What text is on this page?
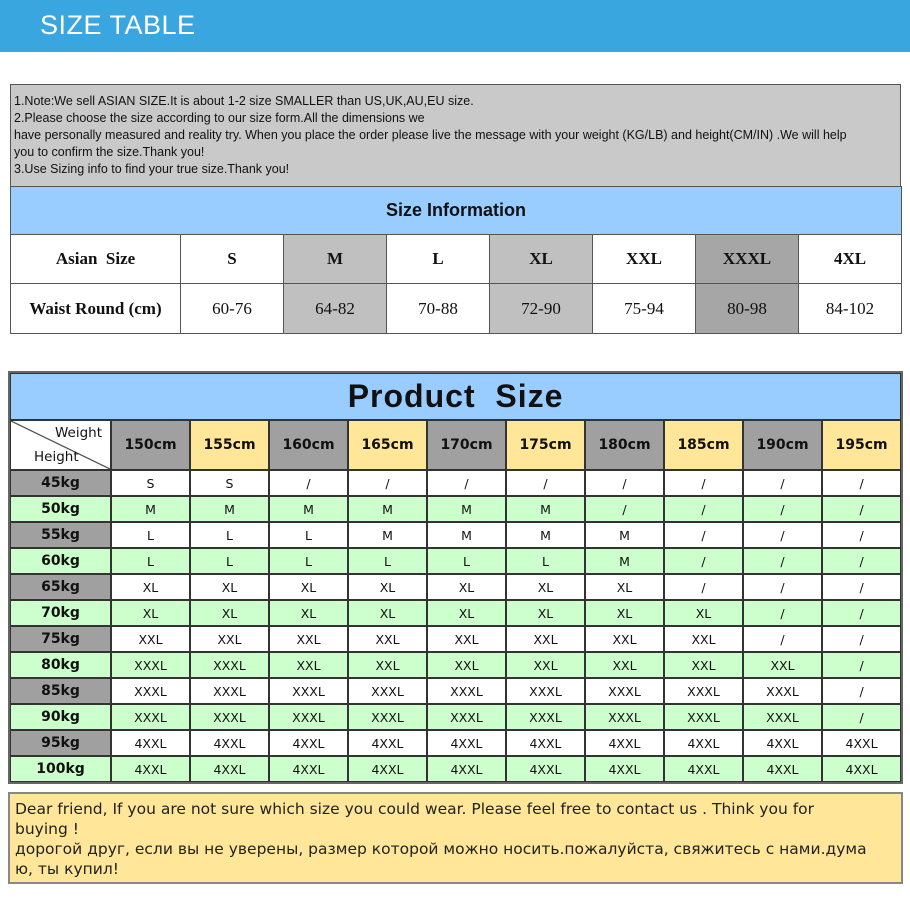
SIZE TABLE
1.Note:We sell ASIAN SIZE.It is about 1-2 size SMALLER than US,UK,AU,EU size.
2.Please choose the size according to our size form.All the dimensions we
have personally measured and reality try. When you place the order please live the message with your weight (KG/LB) and height(CM/IN) .We will help
you to confirm the size.Thank you!
3.Use Sizing info to find your true size.Thank you!
Size Information							
Asian  Size	S	M	L	XL	XXL	XXXL	4XL
Waist Round (cm)	60-76	64-82	70-88	72-90	75-94	80-98	84-102
Product  Size										

Weight
Height	150cm	155cm	160cm	165cm	170cm	175cm	180cm	185cm	190cm	195cm
45kg	S	S	/	/	/	/	/	/	/	/
50kg	M	M	M	M	M	M	/	/	/	/
55kg	L	L	L	M	M	M	M	/	/	/
60kg	L	L	L	L	L	L	M	/	/	/
65kg	XL	XL	XL	XL	XL	XL	XL	/	/	/
70kg	XL	XL	XL	XL	XL	XL	XL	XL	/	/
75kg	XXL	XXL	XXL	XXL	XXL	XXL	XXL	XXL	/	/
80kg	XXXL	XXXL	XXL	XXL	XXL	XXL	XXL	XXL	XXL	/
85kg	XXXL	XXXL	XXXL	XXXL	XXXL	XXXL	XXXL	XXXL	XXXL	/
90kg	XXXL	XXXL	XXXL	XXXL	XXXL	XXXL	XXXL	XXXL	XXXL	/
95kg	4XXL	4XXL	4XXL	4XXL	4XXL	4XXL	4XXL	4XXL	4XXL	4XXL
100kg	4XXL	4XXL	4XXL	4XXL	4XXL	4XXL	4XXL	4XXL	4XXL	4XXL
Dear friend, If you are not sure which size you could wear. Please feel free to contact us . Think you for
buying !
дорогой друг, если вы не уверены, размер которой можно носить.пожалуйста, свяжитесь с нами.дума
ю, ты купил!
